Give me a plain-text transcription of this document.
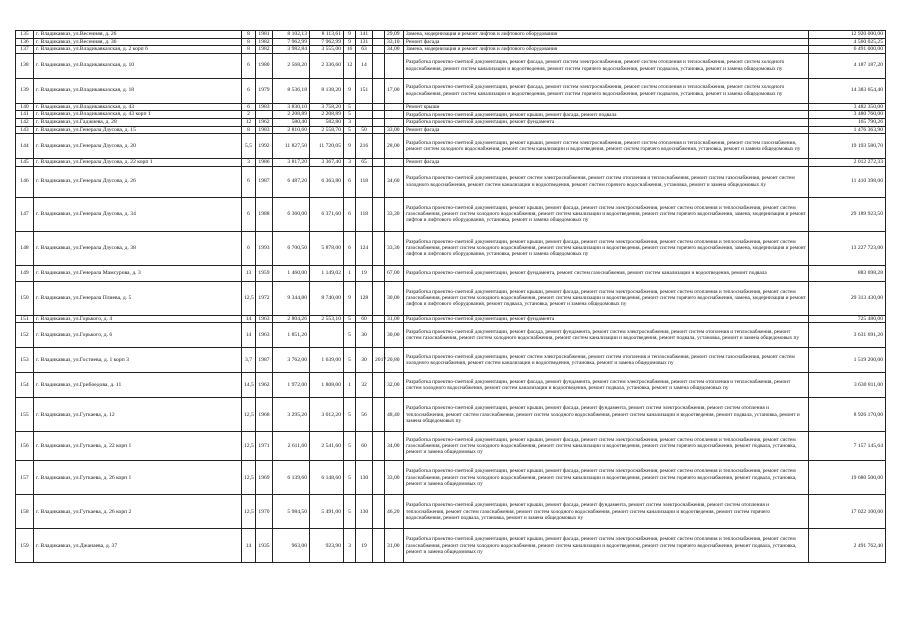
135	г. Владикавказ, ул.Весенняя, д. 26	8	1981	8 102,13	8 113,61	9	141		29,09	Замена, модернизация и ремонт лифтов и лифтового оборудования	12 920 000,00
136	г. Владикавказ, ул.Весенняя, д. 36	8	1982	7 962,99	7 962,99	9	131		33,10	Ремонт фасада	4 560 025,25
137	г. Владикавказ, ул.Владикавказская, д. 2 корп 6	8	1982	3 982,84	3 555,00	16	63		34,00	Замена, модернизация и ремонт лифтов и лифтового оборудования	6 491 000,00
138	г. Владикавказ, ул.Владикавказская, д. 10	6	1980	2 568,20	2 336,60	12	14			Разработка проектно-сметной документации, ремонт фасада, ремонт систем электроснабжения, ремонт систем отопления и теплоснабжения, ремонт систем холодного водоснабжения, ремонт систем канализации и водоотведения, ремонт систем горячего водоснабжения, ремонт подвалов, установка, ремонт и замена общедомовых пу	4 187 187,20
139	г. Владикавказ, ул.Владикавказская, д. 18	6	1979	8 536,18	8 138,20	9	151		17,00	Разработка проектно-сметной документации, ремонт фасада, ремонт систем электроснабжения, ремонт систем отопления и теплоснабжения, ремонт систем холодного водоснабжения, ремонт систем канализации и водоотведения, ремонт систем горячего водоснабжения, ремонт подвалов, установка, ремонт и замена общедомовых пу	14 383 654,40
140	г. Владикавказ, ул.Владикавказская, д. 43	6	1983	3 830,10	3 758,20	5				Ремонт крыши	3 482 350,00
141	г. Владикавказ, ул.Владикавказская, д. 43 корп 1	2		2 208,89	2 208,89	5				Разработка проектно-сметной документации, ремонт крыши, ремонт фасада, ремонт подвала	3 480 760,00
142	г. Владикавказ, ул.Гаджиева, д. 28	12	1962	580,40	582,80	3				Разработка проектно-сметной документации, ремонт фундамента	165 790,26
143	г. Владикавказ, ул.Генерала Дзусова, д. 15	8	1983	2 810,60	2 558,70	5	50		33,00	Ремонт фасада	1 476 363,90
144	г. Владикавказ, ул.Генерала Дзусова, д. 20	5,5	1992	11 827,50	11 720,05	9	216		28,00	Разработка проектно-сметной документации, ремонт крыши, ремонт систем электроснабжения, ремонт систем отопления и теплоснабжения, ремонт систем газоснабжения, ремонт систем холодного водоснабжения, ремонт систем канализации и водоотведения, ремонт систем горячего водоснабжения, установка, ремонт и замена общедомовых пу	19 193 580,70
145	г. Владикавказ, ул.Генерала Дзусова, д. 22 корп 1	3	1986	3 817,20	3 367,40	3	65			Ремонт фасада	2 012 272,33
146	г. Владикавказ, ул.Генерала Дзусова, д. 26	6	1987	6 487,20	6 363,80	6	118		34,60	Разработка проектно-сметной документации, ремонт систем электроснабжения, ремонт систем отопления и теплоснабжения, ремонт систем газоснабжения, ремонт систем холодного водоснабжения, ремонт систем канализации и водоотведения, ремонт систем горячего водоснабжения, установка, ремонт и замена общедомовых пу	11 410 398,00
147	г. Владикавказ, ул.Генерала Дзусова, д. 34	6	1988	6 360,00	6 371,60	6	118		33,30	Разработка проектно-сметной документации, ремонт крыши, ремонт фасада, ремонт систем электроснабжения, ремонт систем отопления и теплоснабжения, ремонт систем газоснабжения, ремонт систем холодного водоснабжения, ремонт систем канализации и водоотведения, ремонт систем горячего водоснабжения, замена, модернизация и ремонт лифтов и лифтового оборудования, установка, ремонт и замена общедомовых пу	29 189 923,50
148	г. Владикавказ, ул.Генерала Дзусова, д. 38	6	1993	6 700,50	5 878,00	6	124		33,30	Разработка проектно-сметной документации, ремонт крыши, ремонт фасада, ремонт систем электроснабжения, ремонт систем отопления и теплоснабжения, ремонт систем газоснабжения, ремонт систем холодного водоснабжения, ремонт систем канализации и водоотведения, ремонт систем горячего водоснабжения, замена, модернизация и ремонт лифтов и лифтового оборудования, установка, ремонт и замена общедомовых пу	13 227 723,00
149	г. Владикавказ, ул.Генерала Мамсурова, д. 3	13	1959	1 460,00	1 149,02	1	19		67,00	Разработка проектно-сметной документации, ремонт фундамента, ремонт систем газоснабжения, ремонт систем канализации и водоотведения, ремонт подвала	883 698,28
150	г. Владикавказ, ул.Генерала Плиева, д. 5	12,5	1972	9 344,80	8 740,00	9	128		30,00	Разработка проектно-сметной документации, ремонт крыши, ремонт фасада, ремонт систем электроснабжения, ремонт систем отопления и теплоснабжения, ремонт систем газоснабжения, ремонт систем холодного водоснабжения, ремонт систем канализации и водоотведения, ремонт систем горячего водоснабжения, замена, модернизация и ремонт лифтов и лифтового оборудования, ремонт подвала, установка, ремонт и замена общедомовых пу	29 313 430,00
151	г. Владикавказ, ул.Горького, д. 4	14	1963	2 804,26	2 553,10	5	60		31,00	Разработка проектно-сметной документации, ремонт фундамента	725 480,00
152	г. Владикавказ, ул.Горького, д. 6	14	1963	1 851,20		5	30		30,00	Разработка проектно-сметной документации, ремонт фасада, ремонт фундамента, ремонт систем электроснабжения, ремонт систем отопления и теплоснабжения, ремонт систем газоснабжения, ремонт систем холодного водоснабжения, ремонт систем канализации и водоотведения, ремонт подвала, установка, ремонт и замена общедомовых пу	3 631 691,20
153	г. Владикавказ, ул.Гостиева, д. 1 корп 3	3,7	1987	3 762,00	1 639,00	5	30	2017	20,80	Разработка проектно-сметной документации, ремонт систем электроснабжения, ремонт систем отопления и теплоснабжения, ремонт систем газоснабжения, ремонт систем холодного водоснабжения, ремонт систем канализации и водоотведения, установка, ремонт и замена общедомовых пу	1 519 200,00
154	г. Владикавказ, ул.Грибоедова, д. 11	14,5	1962	1 972,00	1 808,00	1	32		32,00	Разработка проектно-сметной документации, ремонт фасада, ремонт фундамента, ремонт систем электроснабжения, ремонт систем отопления и теплоснабжения, ремонт систем холодного водоснабжения, ремонт систем канализации и водоотведения, ремонт подвала, установка, ремонт и замена общедомовых пу	3 630 811,00
155	г. Владикавказ, ул.Гугкаева, д. 12	12,5	1968	3 295,20	3 012,20	5	56		48,40	Разработка проектно-сметной документации, ремонт крыши, ремонт фасада, ремонт фундамента, ремонт систем электроснабжения, ремонт систем отопления и теплоснабжения, ремонт систем газоснабжения, ремонт систем холодного водоснабжения, ремонт систем канализации и водоотведения, ремонт подвала, установка, ремонт и замена общедомовых пу	8 926 170,00
156	г. Владикавказ, ул.Гугкаева, д. 22 корп 1	12,5	1971	2 611,60	2 541,60	5	60		34,00	Разработка проектно-сметной документации, ремонт крыши, ремонт фасада, ремонт систем электроснабжения, ремонт систем отопления и теплоснабжения, ремонт систем газоснабжения, ремонт систем холодного водоснабжения, ремонт систем канализации и водоотведения, ремонт систем горячего водоснабжения, ремонт подвала, установка, ремонт и замена общедомовых пу	7 157 145,64
157	г. Владикавказ, ул.Гугкаева, д. 26 корп 1	12,5	1969	6 139,60	6 148,60	5	130		33,00	Разработка проектно-сметной документации, ремонт крыши, ремонт фасада, ремонт систем электроснабжения, ремонт систем отопления и теплоснабжения, ремонт систем газоснабжения, ремонт систем холодного водоснабжения, ремонт систем канализации и водоотведения, ремонт систем горячего водоснабжения, ремонт подвала, установка, ремонт и замена общедомовых пу	19 680 500,00
158	г. Владикавказ, ул.Гугкаева, д. 26 корп 2	12,5	1970	5 984,50	5 491,00	5	130		46,20	Разработка проектно-сметной документации, ремонт крыши, ремонт фасада, ремонт фундамента, ремонт систем электроснабжения, ремонт систем отопления и теплоснабжения, ремонт систем газоснабжения, ремонт систем холодного водоснабжения, ремонт систем канализации и водоотведения, ремонт систем горячего водоснабжения, ремонт подвала, установка, ремонт и замена общедомовых пу	17 022 100,00
159	г. Владикавказ, ул.Джанаева, д. 37	14	1935	963,00	923,90	3	19		31,00	Разработка проектно-сметной документации, ремонт крыши, ремонт фасада, ремонт систем электроснабжения, ремонт систем отопления и теплоснабжения, ремонт систем газоснабжения, ремонт систем холодного водоснабжения, ремонт систем канализации и водоотведения, ремонт систем горячего водоснабжения, ремонт подвала, установка, ремонт и замена общедомовых пу	2 491 762,40
